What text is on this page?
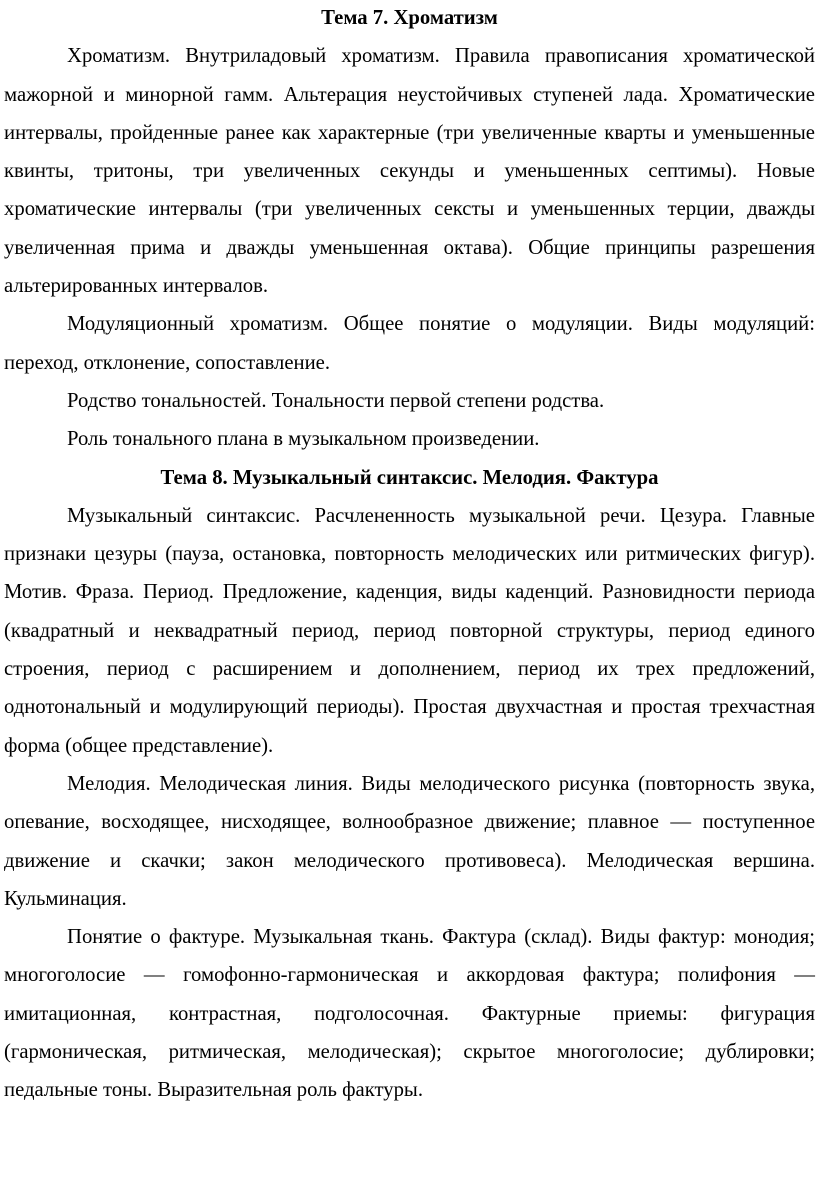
Тема 7. Хроматизм

Хроматизм. Внутриладовый хроматизм. Правила правописания хроматической мажорной и минорной гамм. Альтерация неустойчивых ступеней лада. Хроматические интервалы, пройденные ранее как характерные (три увеличенные кварты и уменьшенные квинты, тритоны, три увеличенных секунды и уменьшенных септимы). Новые хроматические интервалы (три увеличенных сексты и уменьшенных терции, дважды увеличенная прима и дважды уменьшенная октава). Общие принципы разрешения альтерированных интервалов.

Модуляционный хроматизм. Общее понятие о модуляции. Виды модуляций: переход, отклонение, сопоставление.

Родство тональностей. Тональности первой степени родства.

Роль тонального плана в музыкальном произведении.

Тема 8. Музыкальный синтаксис. Мелодия. Фактура

Музыкальный синтаксис. Расчлененность музыкальной речи. Цезура. Главные признаки цезуры (пауза, остановка, повторность мелодических или ритмических фигур). Мотив. Фраза. Период. Предложение, каденция, виды каденций. Разновидности периода (квадратный и неквадратный период, период повторной структуры, период единого строения, период с расширением и дополнением, период их трех предложений, однотональный и модулирующий периоды). Простая двухчастная и простая трехчастная форма (общее представление).

Мелодия. Мелодическая линия. Виды мелодического рисунка (повторность звука, опевание, восходящее, нисходящее, волнообразное движение; плавное — поступенное движение и скачки; закон мелодического противовеса). Мелодическая вершина. Кульминация.

Понятие о фактуре. Музыкальная ткань. Фактура (склад). Виды фактур: монодия; многоголосие — гомофонно-гармоническая и аккордовая фактура; полифония — имитационная, контрастная, подголосочная. Фактурные приемы: фигурация (гармоническая, ритмическая, мелодическая); скрытое многоголосие; дублировки; педальные тоны. Выразительная роль фактуры.
